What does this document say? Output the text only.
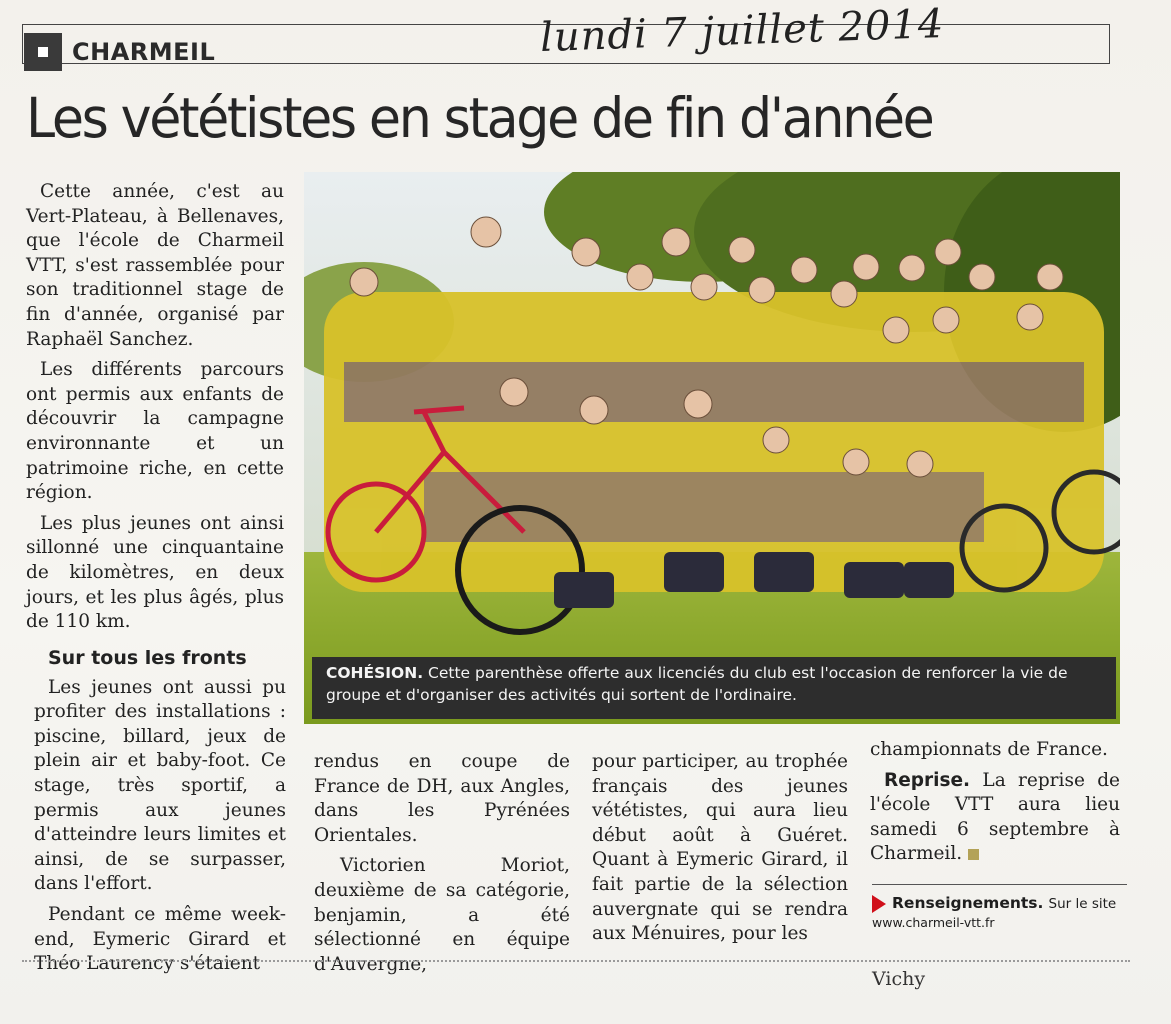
CHARMEIL	lundi 7 juillet 2014
Les vététistes en stage de fin d'année

Cette année, c'est au Vert-Plateau, à Bellenaves, que l'école de Charmeil VTT, s'est rassemblée pour son traditionnel stage de fin d'année, organisé par Raphaël Sanchez.

Les différents parcours ont permis aux enfants de découvrir la campagne environnante et un patrimoine riche, en cette région.

Les plus jeunes ont ainsi sillonné une cinquantaine de kilomètres, en deux jours, et les plus âgés, plus de 110 km.

Sur tous les fronts

Les jeunes ont aussi pu profiter des installations : piscine, billard, jeux de plein air et baby-foot. Ce stage, très sportif, a permis aux jeunes d'atteindre leurs limites et ainsi, de se surpasser, dans l'effort.

Pendant ce même week-end, Eymeric Girard et Théo Laurency s'étaient

COHÉSION. Cette parenthèse offerte aux licenciés du club est l'occasion de renforcer la vie de groupe et d'organiser des activités qui sortent de l'ordinaire.

rendus en coupe de France de DH, aux Angles, dans les Pyrénées Orientales.

Victorien Moriot, deuxième de sa catégorie, benjamin, a été sélectionné en équipe d'Auvergne,

pour participer, au trophée français des jeunes vététistes, qui aura lieu début août à Guéret. Quant à Eymeric Girard, il fait partie de la sélection auvergnate qui se rendra aux Ménuires, pour les

championnats de France.

Reprise. La reprise de l'école VTT aura lieu samedi 6 septembre à Charmeil.

Renseignements. Sur le site
www.charmeil-vtt.fr
Vichy
